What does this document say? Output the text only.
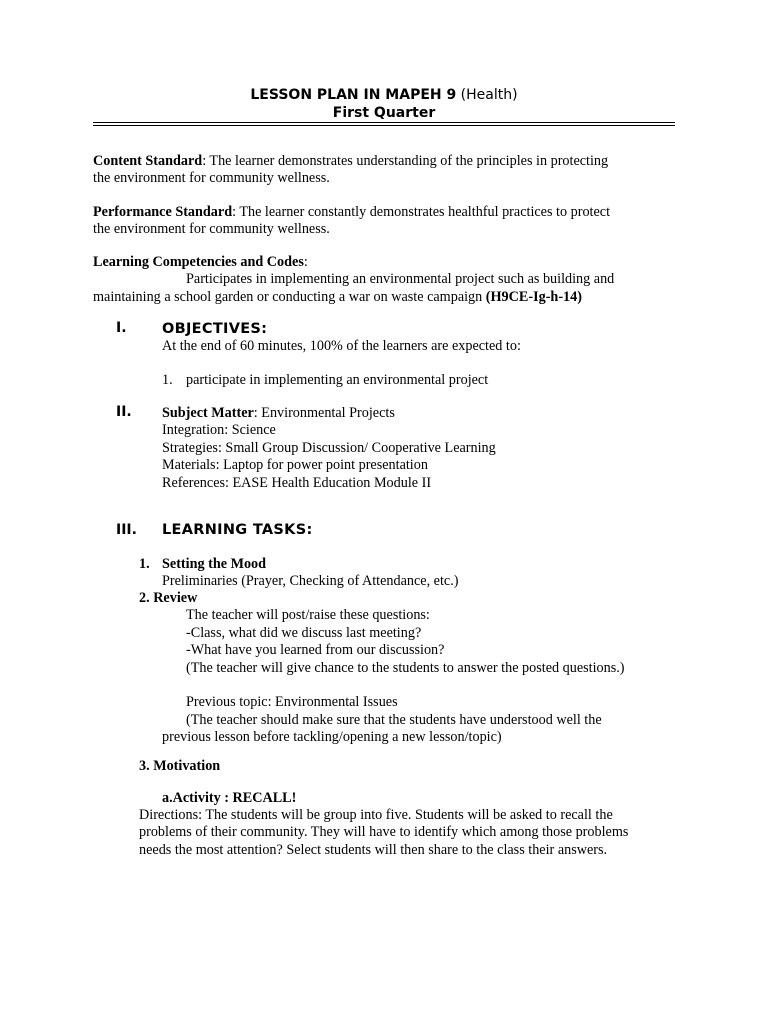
LESSON PLAN IN MAPEH 9 (Health)
First Quarter

Content Standard: The learner demonstrates understanding of the principles in protecting

the environment for community wellness.

Performance Standard: The learner constantly demonstrates healthful practices to protect

the environment for community wellness.

Learning Competencies and Codes:

Participates in implementing an environmental project such as building and

maintaining a school garden or conducting a war on waste campaign (H9CE-Ig-h-14)

I. OBJECTIVES:
At the end of 60 minutes, 100% of the learners are expected to:
1. participate in implementing an environmental project
II. Subject Matter: Environmental Projects

Integration: Science

Strategies: Small Group Discussion/ Cooperative Learning

Materials: Laptop for power point presentation

References: EASE Health Education Module II

III. LEARNING TASKS:
1. Setting the Mood

Preliminaries (Prayer, Checking of Attendance, etc.)

2. Review

The teacher will post/raise these questions:

-Class, what did we discuss last meeting?

-What have you learned from our discussion?

(The teacher will give chance to the students to answer the posted questions.)

Previous topic: Environmental Issues

(The teacher should make sure that the students have understood well the

previous lesson before tackling/opening a new lesson/topic)

3. Motivation
a.Activity : RECALL!

Directions: The students will be group into five. Students will be asked to recall the

problems of their community. They will have to identify which among those problems

needs the most attention? Select students will then share to the class their answers.
